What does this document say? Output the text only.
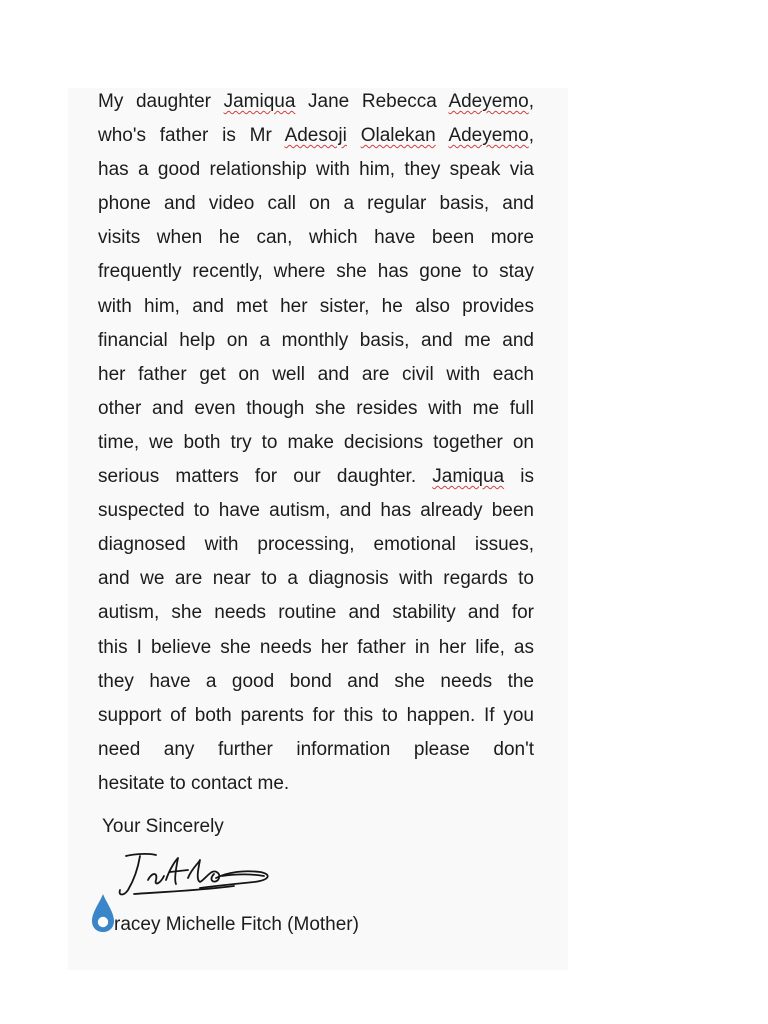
My daughter Jamiqua Jane Rebecca Adeyemo,
who's father is Mr Adesoji Olalekan Adeyemo,
has a good relationship with him, they speak via
phone and video call on a regular basis, and
visits when he can, which have been more
frequently recently, where she has gone to stay
with him, and met her sister, he also provides
financial help on a monthly basis, and me and
her father get on well and are civil with each
other and even though she resides with me full
time, we both try to make decisions together on
serious matters for our daughter. Jamiqua is
suspected to have autism, and has already been
diagnosed with processing, emotional issues,
and we are near to a diagnosis with regards to
autism, she needs routine and stability and for
this I believe she needs her father in her life, as
they have a good bond and she needs the
support of both parents for this to happen. If you
need any further information please don't
hesitate to contact me.
Your Sincerely
racey Michelle Fitch (Mother)
